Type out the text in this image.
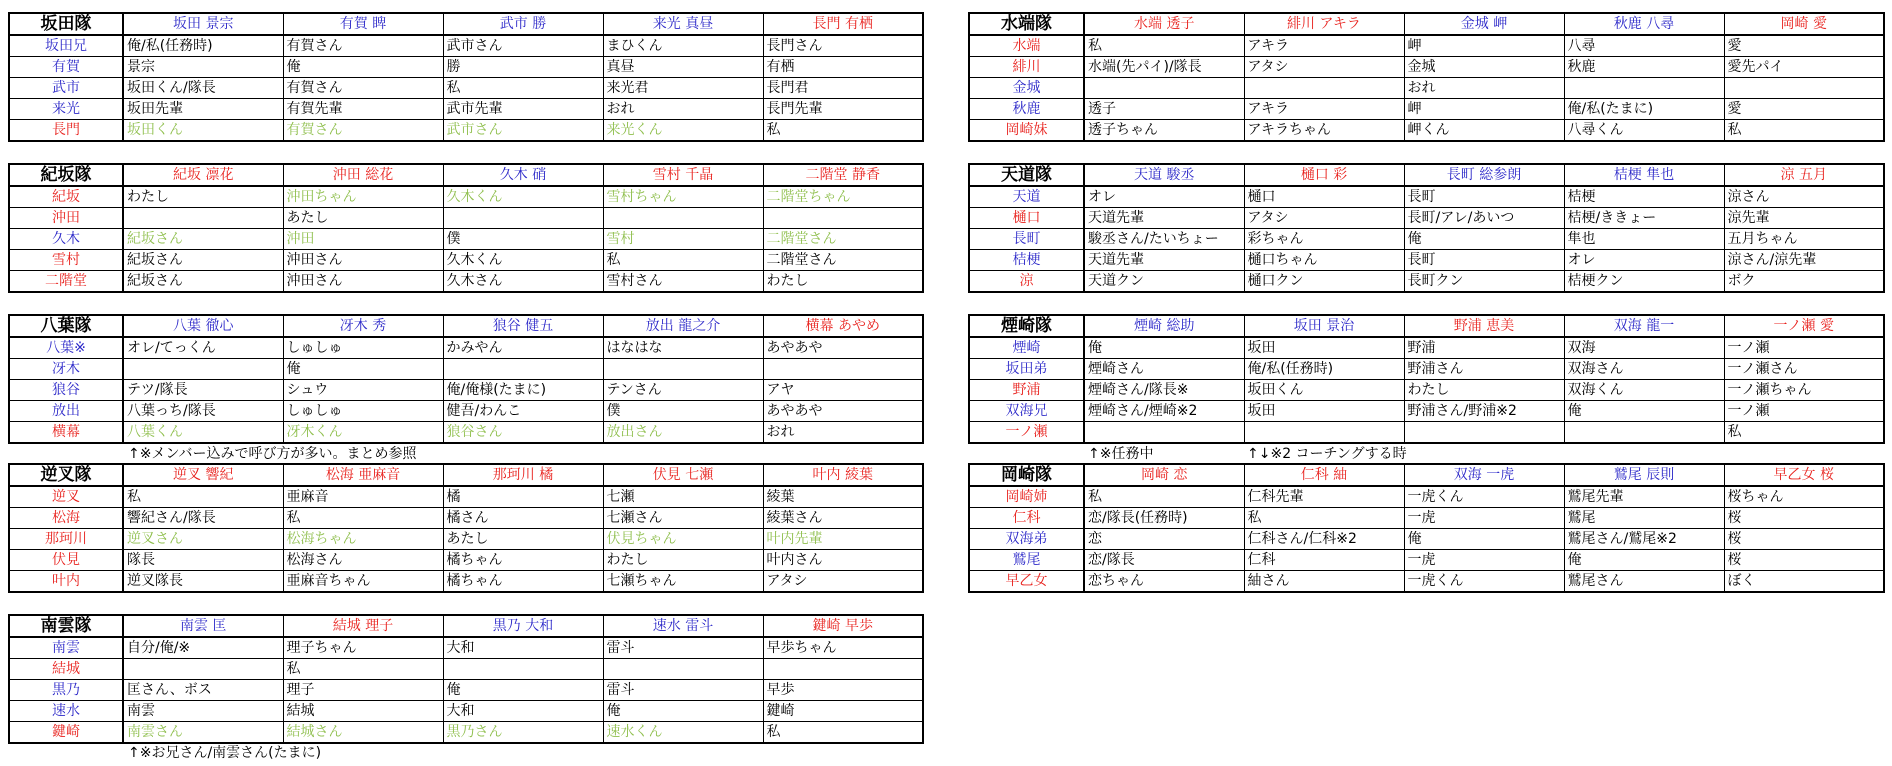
坂田隊	坂田 景宗	有賀 睥	武市 勝	来光 真昼	長門 有栖
坂田兄	俺/私(任務時)	有賀さん	武市さん	まひくん	長門さん
有賀	景宗	俺	勝	真昼	有栖
武市	坂田くん/隊長	有賀さん	私	来光君	長門君
来光	坂田先輩	有賀先輩	武市先輩	おれ	長門先輩
長門	坂田くん	有賀さん	武市さん	来光くん	私
水端隊	水端 透子	緋川 アキラ	金城 岬	秋鹿 八尋	岡崎 愛
水端	私	アキラ	岬	八尋	愛
緋川	水端(先パイ)/隊長	アタシ	金城	秋鹿	愛先パイ
金城			おれ		
秋鹿	透子	アキラ	岬	俺/私(たまに)	愛
岡崎妹	透子ちゃん	アキラちゃん	岬くん	八尋くん	私
紀坂隊	紀坂 凛花	沖田 総花	久木 硝	雪村 千晶	二階堂 静香
紀坂	わたし	沖田ちゃん	久木くん	雪村ちゃん	二階堂ちゃん
沖田		あたし			
久木	紀坂さん	沖田	僕	雪村	二階堂さん
雪村	紀坂さん	沖田さん	久木くん	私	二階堂さん
二階堂	紀坂さん	沖田さん	久木さん	雪村さん	わたし
天道隊	天道 駿丞	樋口 彩	長町 総参朗	桔梗 隼也	涼 五月
天道	オレ	樋口	長町	桔梗	涼さん
樋口	天道先輩	アタシ	長町/アレ/あいつ	桔梗/ききょー	涼先輩
長町	駿丞さん/たいちょー	彩ちゃん	俺	隼也	五月ちゃん
桔梗	天道先輩	樋口ちゃん	長町	オレ	涼さん/涼先輩
涼	天道クン	樋口クン	長町クン	桔梗クン	ボク
八葉隊	八葉 徹心	冴木 秀	狼谷 健五	放出 龍之介	横幕 あやめ
八葉※	オレ/てっくん	しゅしゅ	かみやん	はなはな	あやあや
冴木		俺			
狼谷	テツ/隊長	シュウ	俺/俺様(たまに)	テンさん	アヤ
放出	八葉っち/隊長	しゅしゅ	健吾/わんこ	僕	あやあや
横幕	八葉くん	冴木くん	狼谷さん	放出さん	おれ
煙崎隊	煙崎 総助	坂田 景治	野浦 恵美	双海 龍一	一ノ瀬 愛
煙崎	俺	坂田	野浦	双海	一ノ瀬
坂田弟	煙崎さん	俺/私(任務時)	野浦さん	双海さん	一ノ瀬さん
野浦	煙崎さん/隊長※	坂田くん	わたし	双海くん	一ノ瀬ちゃん
双海兄	煙崎さん/煙崎※2	坂田	野浦さん/野浦※2	俺	一ノ瀬
一ノ瀬					私
逆叉隊	逆叉 響紀	松海 亜麻音	那珂川 橘	伏見 七瀬	叶内 綾葉
逆叉	私	亜麻音	橘	七瀬	綾葉
松海	響紀さん/隊長	私	橘さん	七瀬さん	綾葉さん
那珂川	逆叉さん	松海ちゃん	あたし	伏見ちゃん	叶内先輩
伏見	隊長	松海さん	橘ちゃん	わたし	叶内さん
叶内	逆叉隊長	亜麻音ちゃん	橘ちゃん	七瀬ちゃん	アタシ
岡崎隊	岡崎 恋	仁科 紬	双海 一虎	鷲尾 辰則	早乙女 桜
岡崎姉	私	仁科先輩	一虎くん	鷲尾先輩	桜ちゃん
仁科	恋/隊長(任務時)	私	一虎	鷲尾	桜
双海弟	恋	仁科さん/仁科※2	俺	鷲尾さん/鷲尾※2	桜
鷲尾	恋/隊長	仁科	一虎	俺	桜
早乙女	恋ちゃん	紬さん	一虎くん	鷲尾さん	ぼく
南雲隊	南雲 匡	結城 理子	黒乃 大和	速水 雷斗	鍵崎 早歩
南雲	自分/俺/※	理子ちゃん	大和	雷斗	早歩ちゃん
結城		私			
黒乃	匡さん、ボス	理子	俺	雷斗	早歩
速水	南雲	結城	大和	俺	鍵崎
鍵崎	南雲さん	結城さん	黒乃さん	速水くん	私
↑※メンバー込みで呼び方が多い。まとめ参照	↑※任務中	↑↓※2 コーチングする時
↑※お兄さん/南雲さん(たまに)
